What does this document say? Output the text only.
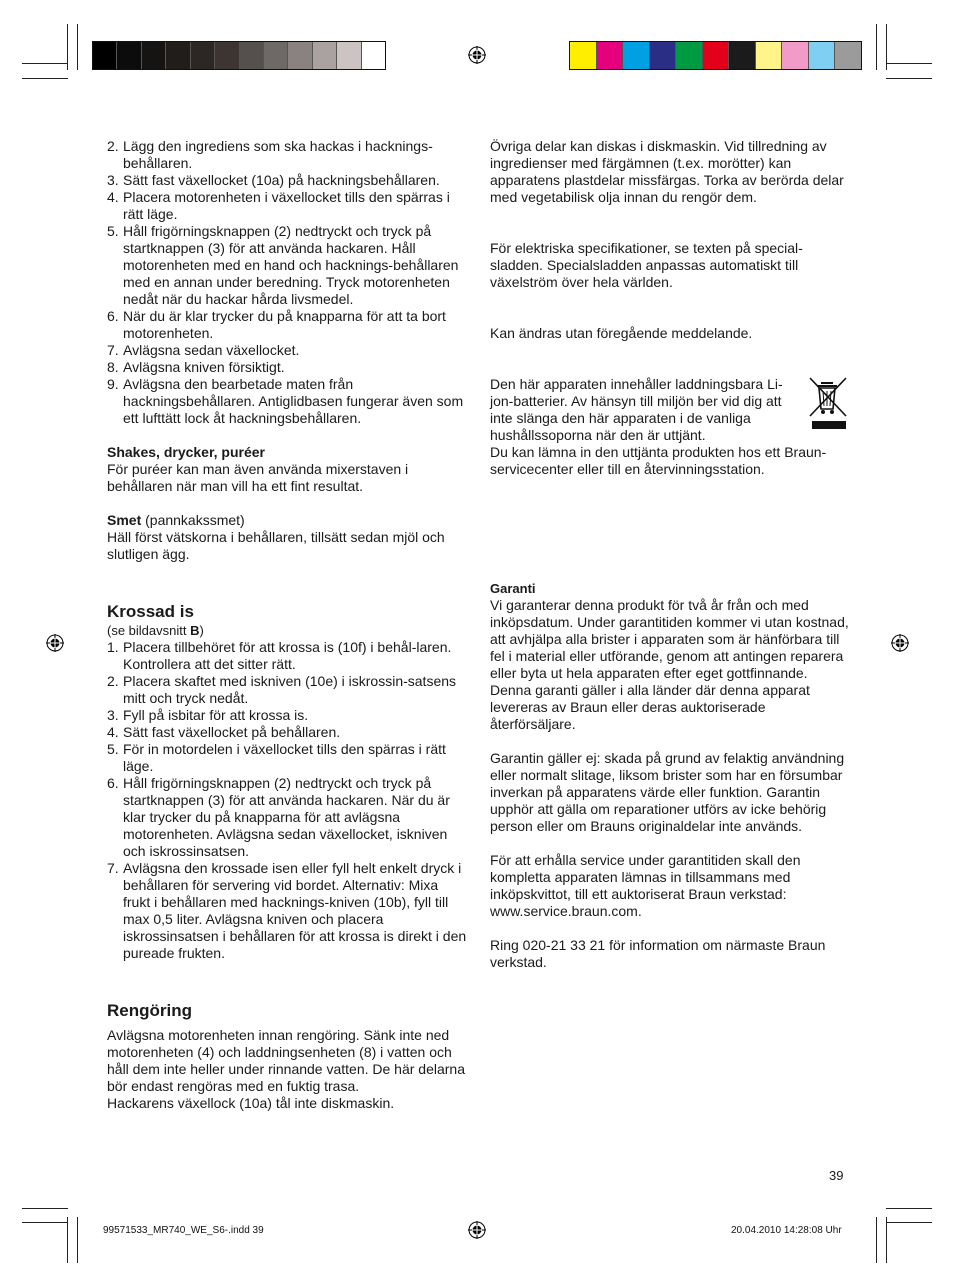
2. Lägg den ingrediens som ska hackas i hacknings-behållaren.
3. Sätt fast växellocket (10a) på hackningsbehållaren.
4. Placera motorenheten i växellocket tills den spärras i rätt läge.
5. Håll frigörningsknappen (2) nedtryckt och tryck på startknappen (3) för att använda hackaren. Håll motorenheten med en hand och hacknings-behållaren med en annan under beredning. Tryck motorenheten nedåt när du hackar hårda livsmedel.
6. När du är klar trycker du på knapparna för att ta bort motorenheten.
7. Avlägsna sedan växellocket.
8. Avlägsna kniven försiktigt.
9. Avlägsna den bearbetade maten från hackningsbehållaren. Antiglidbasen fungerar även som ett lufttätt lock åt hackningsbehållaren.

Shakes, drycker, puréer

För puréer kan man även använda mixerstaven i behållaren när man vill ha ett fint resultat.

Smet (pannkakssmet)

Häll först vätskorna i behållaren, tillsätt sedan mjöl och slutligen ägg.

Krossad is

(se bildavsnitt B)

1. Placera tillbehöret för att krossa is (10f) i behål-laren. Kontrollera att det sitter rätt.
2. Placera skaftet med iskniven (10e) i iskrossin-satsens mitt och tryck nedåt.
3. Fyll på isbitar för att krossa is.
4. Sätt fast växellocket på behållaren.
5. För in motordelen i växellocket tills den spärras i rätt läge.
6. Håll frigörningsknappen (2) nedtryckt och tryck på startknappen (3) för att använda hackaren. När du är klar trycker du på knapparna för att avlägsna motorenheten. Avlägsna sedan växellocket, iskniven och iskrossinsatsen.
7. Avlägsna den krossade isen eller fyll helt enkelt dryck i behållaren för servering vid bordet. Alternativ: Mixa frukt i behållaren med hacknings-kniven (10b), fyll till max 0,5 liter. Avlägsna kniven och placera iskrossinsatsen i behållaren för att krossa is direkt i den pureade frukten.

Rengöring

Avlägsna motorenheten innan rengöring. Sänk inte ned motorenheten (4) och laddningsenheten (8) i vatten och håll dem inte heller under rinnande vatten. De här delarna bör endast rengöras med en fuktig trasa.

Hackarens växellock (10a) tål inte diskmaskin.

Övriga delar kan diskas i diskmaskin. Vid tillredning av ingredienser med färgämnen (t.ex. morötter) kan apparatens plastdelar missfärgas. Torka av berörda delar med vegetabilisk olja innan du rengör dem.

För elektriska specifikationer, se texten på special-sladden. Specialsladden anpassas automatiskt till växelström över hela världen.

Kan ändras utan föregående meddelande.

Den här apparaten innehåller laddningsbara Li-jon-batterier. Av hänsyn till miljön ber vid dig att inte slänga den här apparaten i de vanliga hushållssoporna när den är uttjänt.

Du kan lämna in den uttjänta produkten hos ett Braun-servicecenter eller till en återvinningsstation.

Garanti

Vi garanterar denna produkt för två år från och med inköpsdatum. Under garantitiden kommer vi utan kostnad, att avhjälpa alla brister i apparaten som är hänförbara till fel i material eller utförande, genom att antingen reparera eller byta ut hela apparaten efter eget gottfinnande.

Denna garanti gäller i alla länder där denna apparat levereras av Braun eller deras auktoriserade återförsäljare.

Garantin gäller ej: skada på grund av felaktig användning eller normalt slitage, liksom brister som har en försumbar inverkan på apparatens värde eller funktion. Garantin upphör att gälla om reparationer utförs av icke behörig person eller om Brauns originaldelar inte används.

För att erhålla service under garantitiden skall den kompletta apparaten lämnas in tillsammans med inköpskvittot, till ett auktoriserat Braun verkstad: www.service.braun.com.

Ring 020-21 33 21 för information om närmaste Braun verkstad.

39
99571533_MR740_WE_S6-.indd 39	20.04.2010 14:28:08 Uhr
